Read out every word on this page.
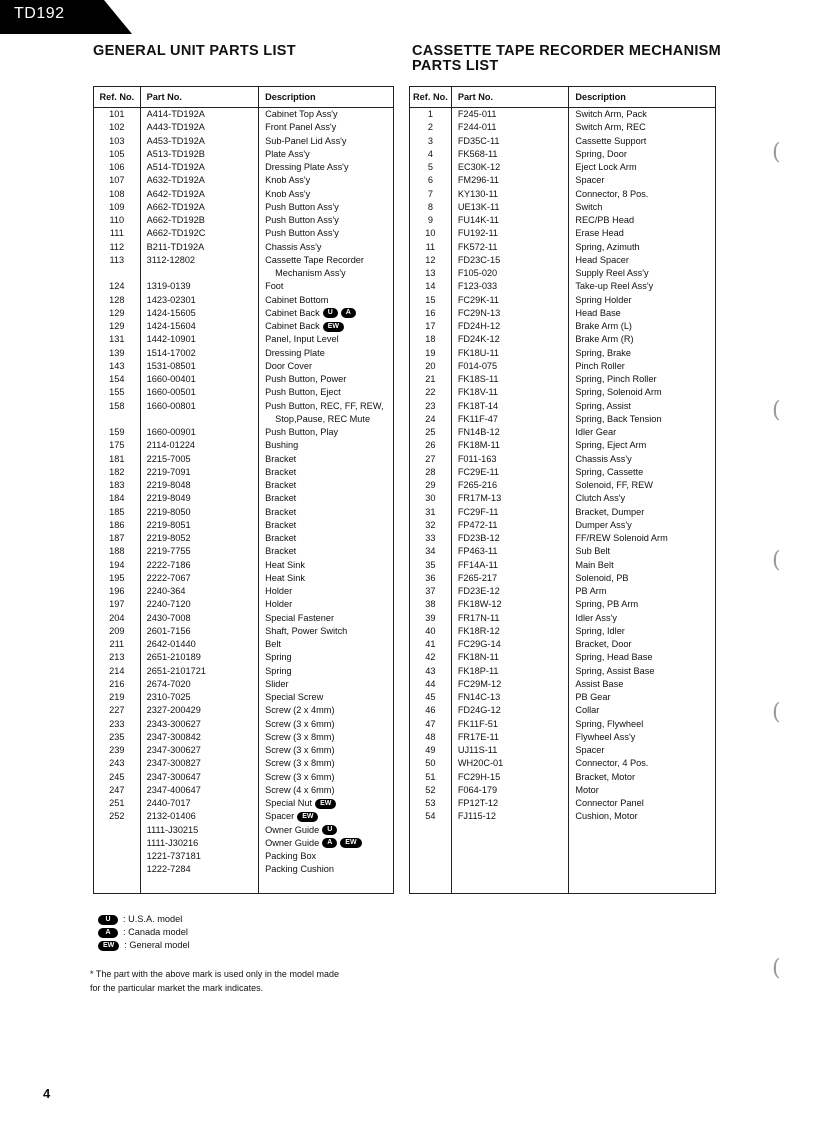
TD192
GENERAL UNIT PARTS LIST	CASSETTE TAPE RECORDER MECHANISM
PARTS LIST
Ref. No.	Part No.	Description
101	A414-TD192A	Cabinet Top Ass'y
102	A443-TD192A	Front Panel Ass'y
103	A453-TD192A	Sub-Panel Lid Ass'y
105	A513-TD192B	Plate Ass'y
106	A514-TD192A	Dressing Plate Ass'y
107	A632-TD192A	Knob Ass'y
108	A642-TD192A	Knob Ass'y
109	A662-TD192A	Push Button Ass'y
110	A662-TD192B	Push Button Ass'y
111	A662-TD192C	Push Button Ass'y
112	B211-TD192A	Chassis Ass'y
113	3112-12802	Cassette Tape Recorder
		Mechanism Ass'y
124	1319-0139	Foot
128	1423-02301	Cabinet Bottom
129	1424-15605	Cabinet Back U A
129	1424-15604	Cabinet Back EW
131	1442-10901	Panel, Input Level
139	1514-17002	Dressing Plate
143	1531-08501	Door Cover
154	1660-00401	Push Button, Power
155	1660-00501	Push Button, Eject
158	1660-00801	Push Button, REC, FF, REW,
		Stop,Pause, REC Mute
159	1660-00901	Push Button, Play
175	2114-01224	Bushing
181	2215-7005	Bracket
182	2219-7091	Bracket
183	2219-8048	Bracket
184	2219-8049	Bracket
185	2219-8050	Bracket
186	2219-8051	Bracket
187	2219-8052	Bracket
188	2219-7755	Bracket
194	2222-7186	Heat Sink
195	2222-7067	Heat Sink
196	2240-364	Holder
197	2240-7120	Holder
204	2430-7008	Special Fastener
209	2601-7156	Shaft, Power Switch
211	2642-01440	Belt
213	2651-210189	Spring
214	2651-2101721	Spring
216	2674-7020	Slider
219	2310-7025	Special Screw
227	2327-200429	Screw (2 x 4mm)
233	2343-300627	Screw (3 x 6mm)
235	2347-300842	Screw (3 x 8mm)
239	2347-300627	Screw (3 x 6mm)
243	2347-300827	Screw (3 x 8mm)
245	2347-300647	Screw (3 x 6mm)
247	2347-400647	Screw (4 x 6mm)
251	2440-7017	Special Nut EW
252	2132-01406	Spacer EW
	1111-J30215	Owner Guide U
	1111-J30216	Owner Guide A EW
	1221-737181	Packing Box
	1222-7284	Packing Cushion

Ref. No.	Part No.	Description
1	F245-011	Switch Arm, Pack
2	F244-011	Switch Arm, REC
3	FD35C-11	Cassette Support
4	FK568-11	Spring, Door
5	EC30K-12	Eject Lock Arm
6	FM296-11	Spacer
7	KY130-11	Connector, 8 Pos.
8	UE13K-11	Switch
9	FU14K-11	REC/PB Head
10	FU192-11	Erase Head
11	FK572-11	Spring, Azimuth
12	FD23C-15	Head Spacer
13	F105-020	Supply Reel Ass'y
14	F123-033	Take-up Reel Ass'y
15	FC29K-11	Spring Holder
16	FC29N-13	Head Base
17	FD24H-12	Brake Arm (L)
18	FD24K-12	Brake Arm (R)
19	FK18U-11	Spring, Brake
20	F014-075	Pinch Roller
21	FK18S-11	Spring, Pinch Roller
22	FK18V-11	Spring, Solenoid Arm
23	FK18T-14	Spring, Assist
24	FK11F-47	Spring, Back Tension
25	FN14B-12	Idler Gear
26	FK18M-11	Spring, Eject Arm
27	F011-163	Chassis Ass'y
28	FC29E-11	Spring, Cassette
29	F265-216	Solenoid, FF, REW
30	FR17M-13	Clutch Ass'y
31	FC29F-11	Bracket, Dumper
32	FP472-11	Dumper Ass'y
33	FD23B-12	FF/REW Solenoid Arm
34	FP463-11	Sub Belt
35	FF14A-11	Main Belt
36	F265-217	Solenoid, PB
37	FD23E-12	PB Arm
38	FK18W-12	Spring, PB Arm
39	FR17N-11	Idler Ass'y
40	FK18R-12	Spring, Idler
41	FC29G-14	Bracket, Door
42	FK18N-11	Spring, Head Base
43	FK18P-11	Spring, Assist Base
44	FC29M-12	Assist Base
45	FN14C-13	PB Gear
46	FD24G-12	Collar
47	FK11F-51	Spring, Flywheel
48	FR17E-11	Flywheel Ass'y
49	UJ11S-11	Spacer
50	WH20C-01	Connector, 4 Pos.
51	FC29H-15	Bracket, Motor
52	F064-179	Motor
53	FP12T-12	Connector Panel
54	FJ115-12	Cushion, Motor

U : U.S.A. model
A : Canada model
EW : General model
* The part with the above mark is used only in the model made
for the particular market the mark indicates.
4
(
(
(
(
(
